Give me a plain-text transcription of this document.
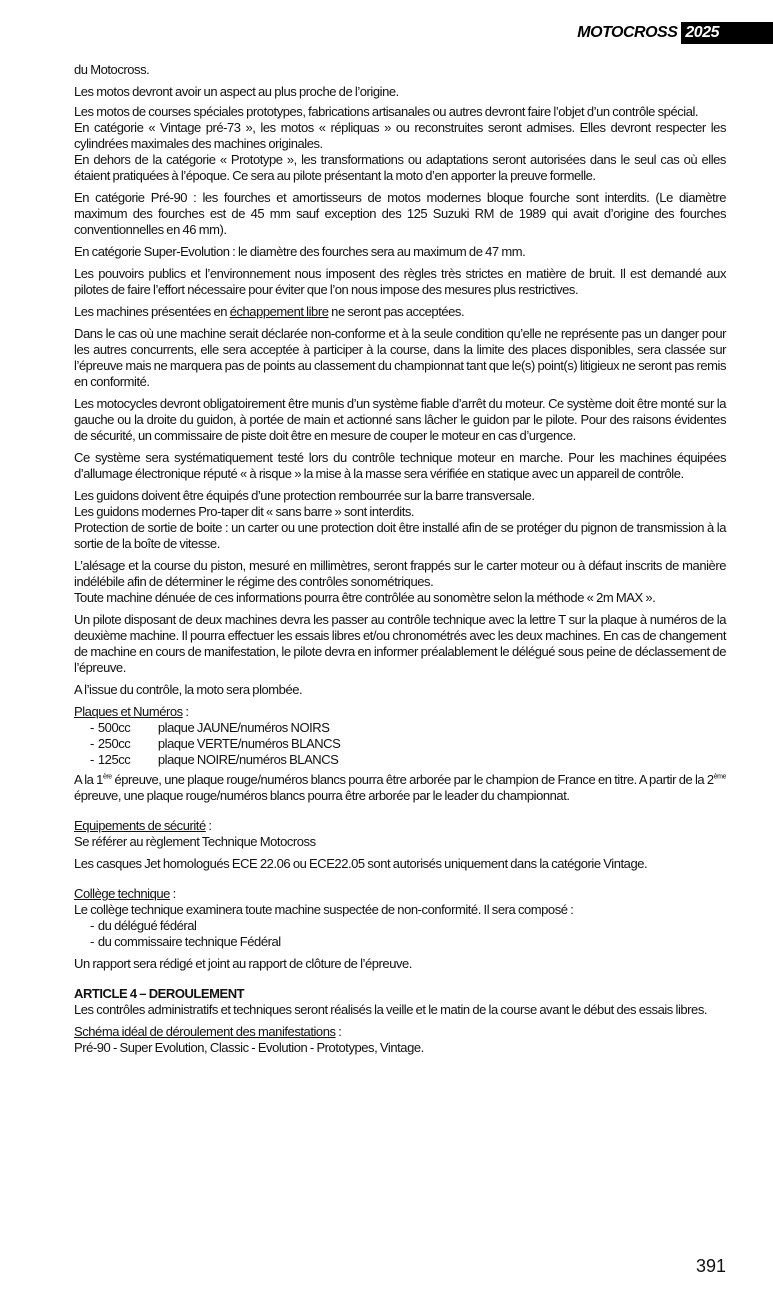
MOTOCROSS 2025

du Motocross.

Les motos devront avoir un aspect au plus proche de l’origine.

Les motos de courses spéciales prototypes, fabrications artisanales ou autres devront faire l’objet d’un contrôle spécial.

En catégorie « Vintage pré-73 », les motos « répliquas » ou reconstruites seront admises. Elles devront respecter les cylindrées maximales des machines originales.

En dehors de la catégorie « Prototype », les transformations ou adaptations seront autorisées dans le seul cas où elles étaient pratiquées à l’époque. Ce sera au pilote présentant la moto d’en apporter la preuve formelle.

En catégorie Pré-90 : les fourches et amortisseurs de motos modernes bloque fourche sont interdits. (Le diamètre maximum des fourches est de 45 mm sauf exception des 125 Suzuki RM de 1989 qui avait d’origine des fourches conventionnelles en 46 mm).

En catégorie Super-Evolution : le diamètre des fourches sera au maximum de 47 mm.

Les pouvoirs publics et l’environnement nous imposent des règles très strictes en matière de bruit. Il est demandé aux pilotes de faire l’effort nécessaire pour éviter que l’on nous impose des mesures plus restrictives.

Les machines présentées en échappement libre ne seront pas acceptées.

Dans le cas où une machine serait déclarée non-conforme et à la seule condition qu’elle ne représente pas un danger pour les autres concurrents, elle sera acceptée à participer à la course, dans la limite des places disponibles, sera classée sur l’épreuve mais ne marquera pas de points au classement du championnat tant que le(s) point(s) litigieux ne seront pas remis en conformité.

Les motocycles devront obligatoirement être munis d’un système fiable d’arrêt du moteur. Ce système doit être monté sur la gauche ou la droite du guidon, à portée de main et actionné sans lâcher le guidon par le pilote. Pour des raisons évidentes de sécurité, un commissaire de piste doit être en mesure de couper le moteur en cas d’urgence.

Ce système sera systématiquement testé lors du contrôle technique moteur en marche. Pour les machines équipées d’allumage électronique réputé « à risque » la mise à la masse sera vérifiée en statique avec un appareil de contrôle.

Les guidons doivent être équipés d’une protection rembourrée sur la barre transversale.

Les guidons modernes Pro-taper dit « sans barre » sont interdits.

Protection de sortie de boite : un carter ou une protection doit être installé afin de se protéger du pignon de transmission à la sortie de la boîte de vitesse.

L’alésage et la course du piston, mesuré en millimètres, seront frappés sur le carter moteur ou à défaut inscrits de manière indélébile afin de déterminer le régime des contrôles sonométriques.

Toute machine dénuée de ces informations pourra être contrôlée au sonomètre selon la méthode « 2m MAX ».

Un pilote disposant de deux machines devra les passer au contrôle technique avec la lettre T sur la plaque à numéros de la deuxième machine. Il pourra effectuer les essais libres et/ou chronométrés avec les deux machines. En cas de changement de machine en cours de manifestation, le pilote devra en informer préalablement le délégué sous peine de déclassement de l’épreuve.

A l’issue du contrôle, la moto sera plombée.

Plaques et Numéros :

- 500cc	plaque JAUNE/numéros NOIRS
- 250cc	plaque VERTE/numéros BLANCS
- 125cc	plaque NOIRE/numéros BLANCS

A la 1ère épreuve, une plaque rouge/numéros blancs pourra être arborée par le champion de France en titre. A partir de la 2ème épreuve, une plaque rouge/numéros blancs pourra être arborée par le leader du championnat.

Equipements de sécurité :

Se référer au règlement Technique Motocross

Les casques Jet homologués ECE 22.06 ou ECE22.05 sont autorisés uniquement dans la catégorie Vintage.

Collège technique :

Le collège technique examinera toute machine suspectée de non-conformité. Il sera composé :

- du délégué fédéral
- du commissaire technique Fédéral

Un rapport sera rédigé et joint au rapport de clôture de l’épreuve.

ARTICLE 4 – DEROULEMENT

Les contrôles administratifs et techniques seront réalisés la veille et le matin de la course avant le début des essais libres.

Schéma idéal de déroulement des manifestations :

Pré-90 - Super Evolution, Classic - Evolution - Prototypes, Vintage.

391
